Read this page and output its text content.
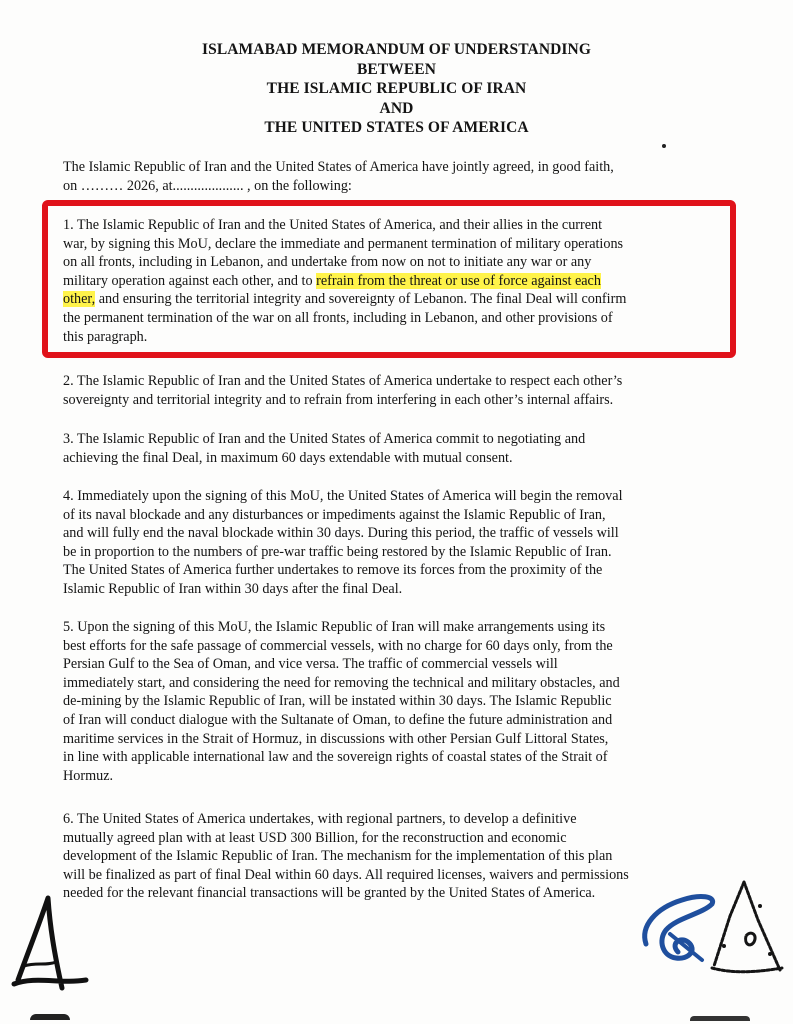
ISLAMABAD MEMORANDUM OF UNDERSTANDING
BETWEEN
THE ISLAMIC REPUBLIC OF IRAN
AND
THE UNITED STATES OF AMERICA
The Islamic Republic of Iran and the United States of America have jointly agreed, in good faith,
on ……… 2026, at.................... , on the following:
1. The Islamic Republic of Iran and the United States of America, and their allies in the current
war, by signing this MoU, declare the immediate and permanent termination of military operations
on all fronts, including in Lebanon, and undertake from now on not to initiate any war or any
military operation against each other, and to refrain from the threat or use of force against each
other, and ensuring the territorial integrity and sovereignty of Lebanon. The final Deal will confirm
the permanent termination of the war on all fronts, including in Lebanon, and other provisions of
this paragraph.
2. The Islamic Republic of Iran and the United States of America undertake to respect each other’s
sovereignty and territorial integrity and to refrain from interfering in each other’s internal affairs.
3. The Islamic Republic of Iran and the United States of America commit to negotiating and
achieving the final Deal, in maximum 60 days extendable with mutual consent.
4. Immediately upon the signing of this MoU, the United States of America will begin the removal
of its naval blockade and any disturbances or impediments against the Islamic Republic of Iran,
and will fully end the naval blockade within 30 days. During this period, the traffic of vessels will
be in proportion to the numbers of pre-war traffic being restored by the Islamic Republic of Iran.
The United States of America further undertakes to remove its forces from the proximity of the
Islamic Republic of Iran within 30 days after the final Deal.
5. Upon the signing of this MoU, the Islamic Republic of Iran will make arrangements using its
best efforts for the safe passage of commercial vessels, with no charge for 60 days only, from the
Persian Gulf to the Sea of Oman, and vice versa. The traffic of commercial vessels will
immediately start, and considering the need for removing the technical and military obstacles, and
de-mining by the Islamic Republic of Iran, will be instated within 30 days. The Islamic Republic
of Iran will conduct dialogue with the Sultanate of Oman, to define the future administration and
maritime services in the Strait of Hormuz, in discussions with other Persian Gulf Littoral States,
in line with applicable international law and the sovereign rights of coastal states of the Strait of
Hormuz.
6. The United States of America undertakes, with regional partners, to develop a definitive
mutually agreed plan with at least USD 300 Billion, for the reconstruction and economic
development of the Islamic Republic of Iran. The mechanism for the implementation of this plan
will be finalized as part of final Deal within 60 days. All required licenses, waivers and permissions
needed for the relevant financial transactions will be granted by the United States of America.
